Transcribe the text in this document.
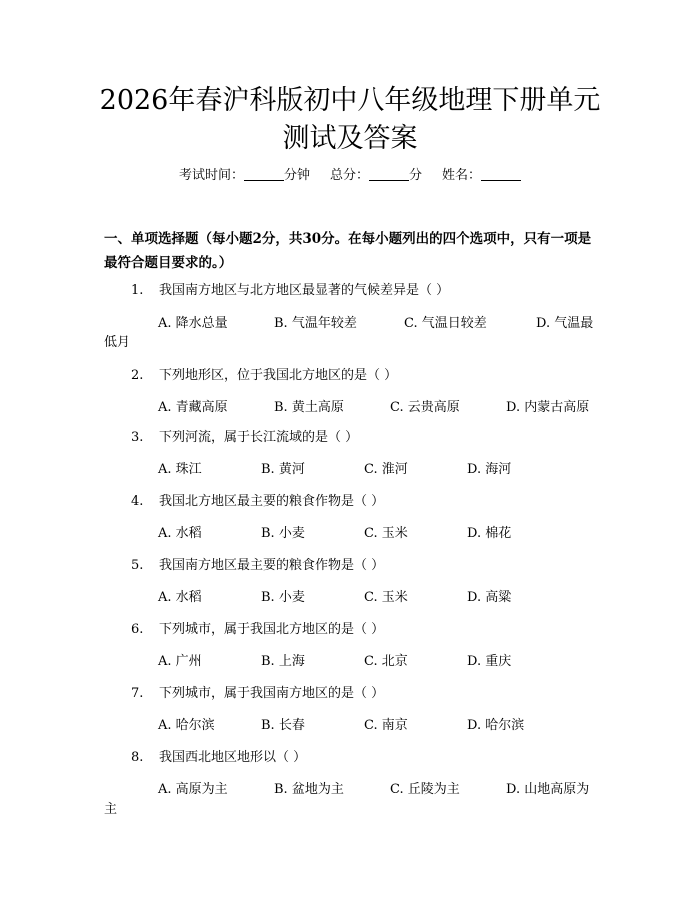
2026年春沪科版初中八年级地理下册单元测试及答案
考试时间：	分钟 总分：	分 姓名：
一、单项选择题（每小题2分，共30分。在每小题列出的四个选项中，只有一项是最符合题目要求的。）
1. 我国南方地区与北方地区最显著的气候差异是（ ）
A. 降水总量	B. 气温年较差	C. 气温日较差	D. 气温最
低月
2. 下列地形区，位于我国北方地区的是（ ）
A. 青藏高原	B. 黄土高原	C. 云贵高原	D. 内蒙古高原
3. 下列河流，属于长江流域的是（ ）
A. 珠江	B. 黄河	C. 淮河	D. 海河
4. 我国北方地区最主要的粮食作物是（ ）
A. 水稻	B. 小麦	C. 玉米	D. 棉花
5. 我国南方地区最主要的粮食作物是（ ）
A. 水稻	B. 小麦	C. 玉米	D. 高粱
6. 下列城市，属于我国北方地区的是（ ）
A. 广州	B. 上海	C. 北京	D. 重庆
7. 下列城市，属于我国南方地区的是（ ）
A. 哈尔滨	B. 长春	C. 南京	D. 哈尔滨
8. 我国西北地区地形以（ ）
A. 高原为主	B. 盆地为主	C. 丘陵为主	D. 山地高原为
主
